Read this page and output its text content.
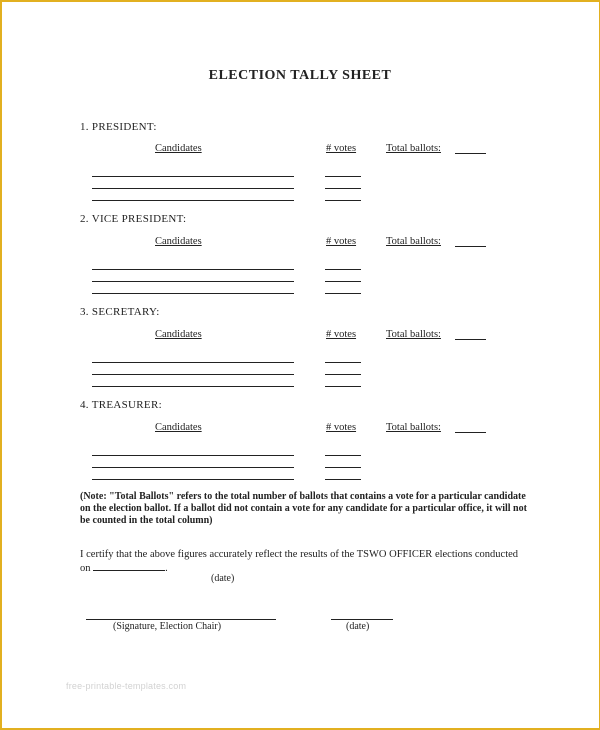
ELECTION TALLY SHEET
1. PRESIDENT:
Candidates	# votes	Total ballots:
2. VICE PRESIDENT:
Candidates	# votes	Total ballots:
3. SECRETARY:
Candidates	# votes	Total ballots:
4. TREASURER:
Candidates	# votes	Total ballots:
(Note: "Total Ballots" refers to the total number of ballots that contains a vote for a particular candidate on the election ballot. If a ballot did not contain a vote for any candidate for a particular office, it will not be counted in the total column)
I certify that the above figures accurately reflect the results of the TSWO OFFICER elections conducted on	.
(date)
(Signature, Election Chair)	(date)
free-printable-templates.com
